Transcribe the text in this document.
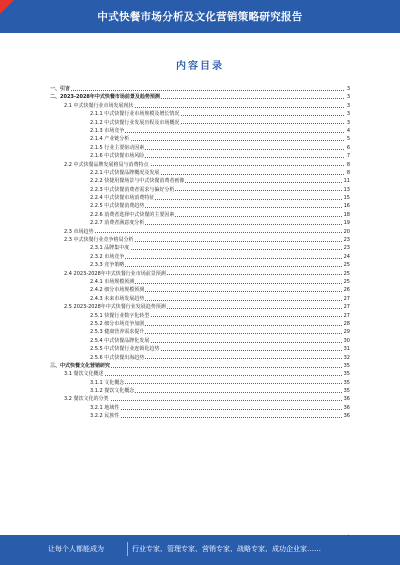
中式快餐市场分析及文化营销策略研究报告
内容目录
一、引言	3
二、2023-2028年中式快餐市场前景及趋势预测	3
2.1 中式快餐行业市场发展现状	3
2.1.1 中式快餐行业市场规模及增长情况	3
2.1.2 中式快餐行业发展历程及市场概况	3
2.1.3 市场竞争	4
2.1.4 产业链分析	5
2.1.5 行业主要驱动因素	6
2.1.6 中式快餐市场风险	7
2.2 中式快餐品牌发展格局与消费特点	8
2.2.1 中式快餐品牌概况及发展	8
2.2.2 快捷用餐场景与中式快餐消费者画像	11
2.2.3 中式快餐消费者需求与偏好分析	13
2.2.4 中式快餐市场消费特征	15
2.2.5 中式快餐消费趋势	16
2.2.6 消费者选择中式快餐的主要因素	18
2.2.7 消费者满意度分析	19
2.3 市场趋势	20
2.3 中式快餐行业竞争格局分析	23
2.3.1 品牌集中度	23
2.3.2 市场竞争	24
2.3.3 竞争策略	25
2.4 2023-2028年中式快餐行业市场前景预测	25
2.4.1 市场规模预测	25
2.4.2 细分市场规模预测	26
2.4.3 未来市场发展趋势	27
2.5 2023-2028年中式快餐行业发展趋势预测	27
2.5.1 快餐行业数字化转型	27
2.5.2 细分市场竞争加剧	28
2.5.3 健康营养需求提升	29
2.5.4 中式快餐品牌化发展	30
2.5.5 中式快餐行业连锁化趋势	31
2.5.6 中式快餐出海趋势	32
三、中式快餐文化营销研究	35
3.1 餐饮文化概述	35
3.1.1 文化概念	35
3.1.2 餐饮文化概念	35
3.2 餐饮文化的分类	36
3.2.1 地域性	36
3.2.2 民族性	36
让每个人都能成为	行业专家、管理专家、营销专家、战略专家、成功企业家……
